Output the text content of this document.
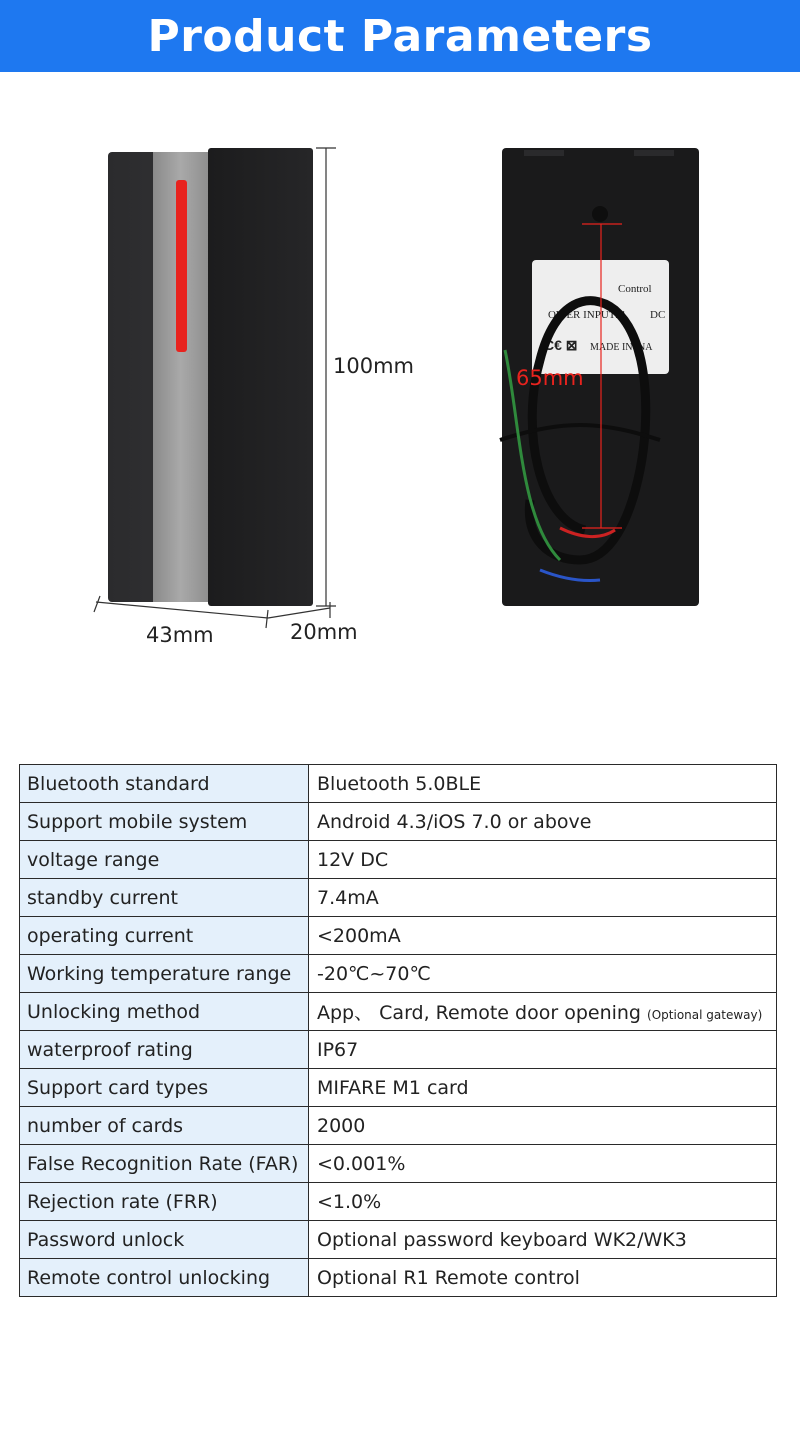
Product Parameters
Control
OWER INPUT: 1 DC
C€ ⊠ MADE IN NA
100mm
43mm	20mm
65mm
Bluetooth standard	Bluetooth 5.0BLE
Support mobile system	Android 4.3/iOS 7.0 or above
voltage range	12V DC
standby current	7.4mA
operating current	<200mA
Working temperature range	-20℃~70℃
Unlocking method	App、 Card, Remote door opening (Optional gateway)
waterproof rating	IP67
Support card types	MIFARE M1 card
number of cards	2000
False Recognition Rate (FAR)	<0.001%
Rejection rate (FRR)	<1.0%
Password unlock	Optional password keyboard WK2/WK3
Remote control unlocking	Optional R1 Remote control
